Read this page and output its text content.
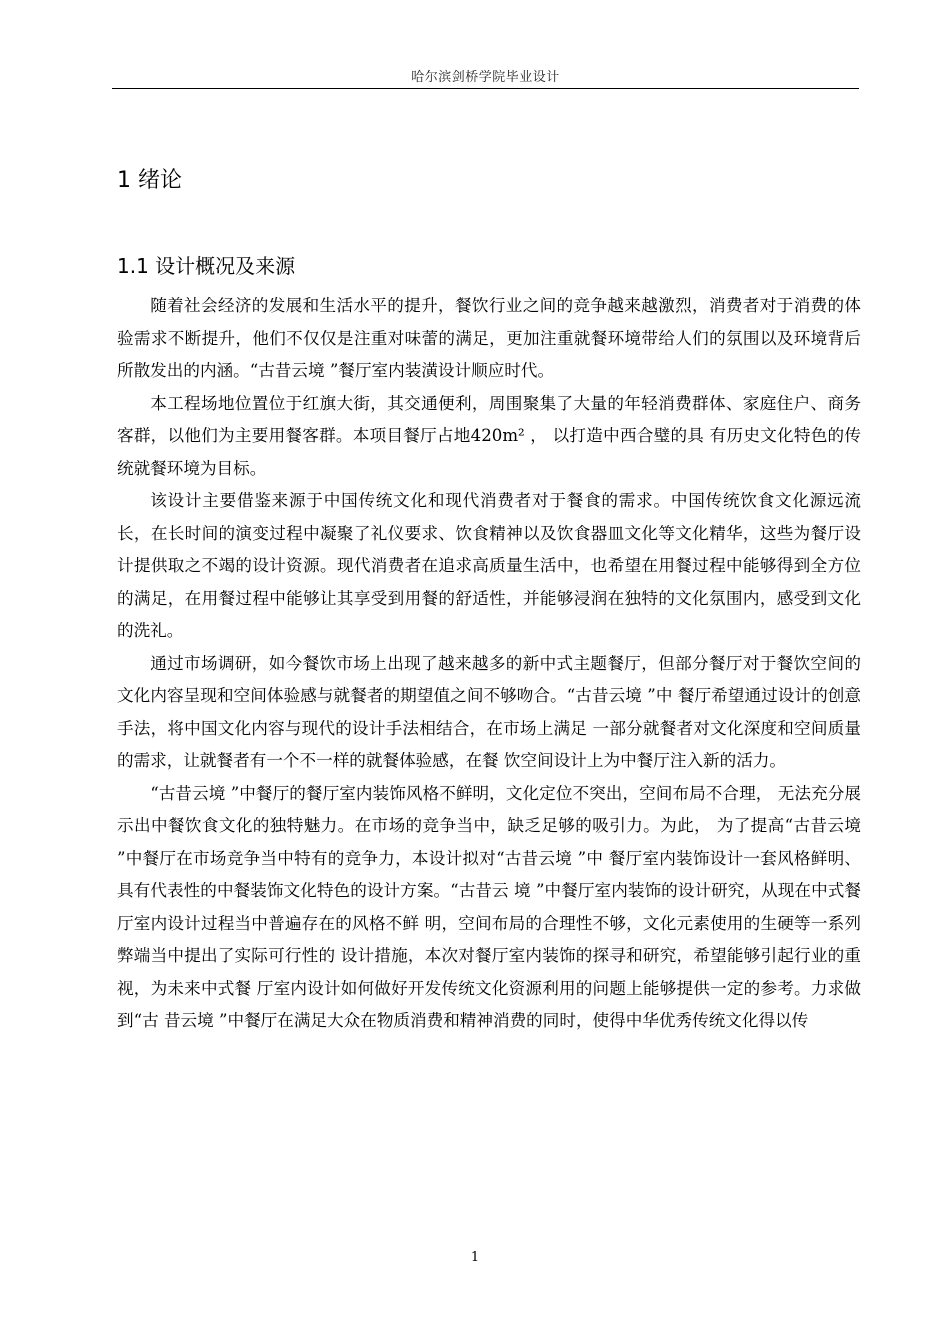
哈尔滨剑桥学院毕业设计
1 绪论
1.1 设计概况及来源

随着社会经济的发展和生活水平的提升，餐饮行业之间的竞争越来越激烈，消费者对于消费的体验需求不断提升，他们不仅仅是注重对味蕾的满足，更加注重就餐环境带给人们的氛围以及环境背后所散发出的内涵。“古昔云境 ”餐厅室内装潢设计顺应时代。

本工程场地位置位于红旗大街，其交通便利，周围聚集了大量的年轻消费群体、家庭住户、商务客群，以他们为主要用餐客群。本项目餐厅占地420m² ， 以打造中西合璧的具 有历史文化特色的传统就餐环境为目标。

该设计主要借鉴来源于中国传统文化和现代消费者对于餐食的需求。中国传统饮食文化源远流长，在长时间的演变过程中凝聚了礼仪要求、饮食精神以及饮食器皿文化等文化精华，这些为餐厅设计提供取之不竭的设计资源。现代消费者在追求高质量生活中，也希望在用餐过程中能够得到全方位的满足，在用餐过程中能够让其享受到用餐的舒适性，并能够浸润在独特的文化氛围内，感受到文化的洗礼。

通过市场调研，如今餐饮市场上出现了越来越多的新中式主题餐厅，但部分餐厅对于餐饮空间的文化内容呈现和空间体验感与就餐者的期望值之间不够吻合。“古昔云境 ”中 餐厅希望通过设计的创意手法，将中国文化内容与现代的设计手法相结合，在市场上满足 一部分就餐者对文化深度和空间质量的需求，让就餐者有一个不一样的就餐体验感，在餐 饮空间设计上为中餐厅注入新的活力。

“古昔云境 ”中餐厅的餐厅室内装饰风格不鲜明，文化定位不突出，空间布局不合理， 无法充分展示出中餐饮食文化的独特魅力。在市场的竞争当中，缺乏足够的吸引力。为此， 为了提高“古昔云境 ”中餐厅在市场竞争当中特有的竞争力，本设计拟对“古昔云境 ”中 餐厅室内装饰设计一套风格鲜明、具有代表性的中餐装饰文化特色的设计方案。“古昔云 境 ”中餐厅室内装饰的设计研究，从现在中式餐厅室内设计过程当中普遍存在的风格不鲜 明，空间布局的合理性不够，文化元素使用的生硬等一系列弊端当中提出了实际可行性的 设计措施，本次对餐厅室内装饰的探寻和研究，希望能够引起行业的重视，为未来中式餐 厅室内设计如何做好开发传统文化资源利用的问题上能够提供一定的参考。力求做到“古 昔云境 ”中餐厅在满足大众在物质消费和精神消费的同时，使得中华优秀传统文化得以传

1
